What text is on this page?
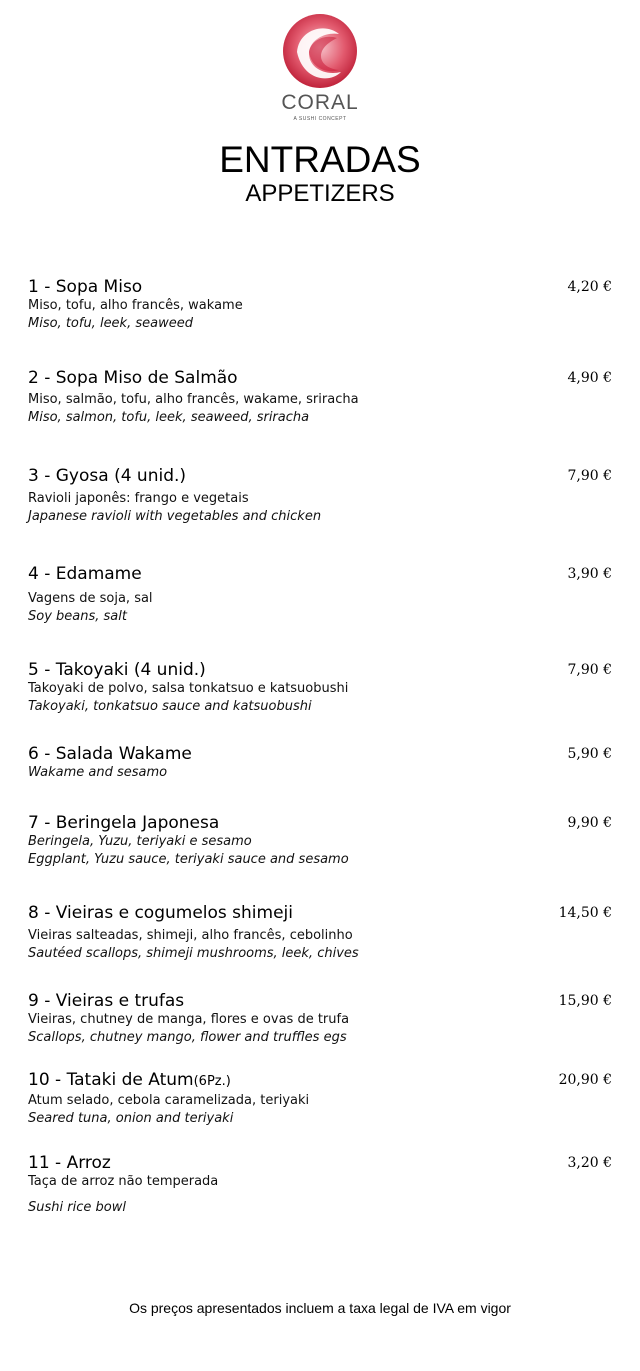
CORAL
A SUSHI CONCEPT
ENTRADAS
APPETIZERS
1 - Sopa Miso	4,20 €
Miso, tofu, alho francês, wakame
Miso, tofu, leek, seaweed
2 - Sopa Miso de Salmão	4,90 €
Miso, salmão, tofu, alho francês, wakame, sriracha
Miso, salmon, tofu, leek, seaweed, sriracha
3 - Gyosa (4 unid.)	7,90 €
Ravioli japonês: frango e vegetais
Japanese ravioli with vegetables and chicken
4 - Edamame	3,90 €
Vagens de soja, sal
Soy beans, salt
5 - Takoyaki (4 unid.)	7,90 €
Takoyaki de polvo, salsa tonkatsuo e katsuobushi
Takoyaki, tonkatsuo sauce and katsuobushi
6 - Salada Wakame	5,90 €
Wakame and sesamo
7 - Beringela Japonesa	9,90 €
Beringela, Yuzu, teriyaki e sesamo
Eggplant, Yuzu sauce, teriyaki sauce and sesamo
8 - Vieiras e cogumelos shimeji	14,50 €
Vieiras salteadas, shimeji, alho francês, cebolinho
Sautéed scallops, shimeji mushrooms, leek, chives
9 - Vieiras e trufas	15,90 €
Vieiras, chutney de manga, flores e ovas de trufa
Scallops, chutney mango, flower and truffles egs
10 - Tataki de Atum(6Pz.)	20,90 €
Atum selado, cebola caramelizada, teriyaki
Seared tuna, onion and teriyaki
11 - Arroz	3,20 €
Taça de arroz não temperada
Sushi rice bowl
Os preços apresentados incluem a taxa legal de IVA em vigor
